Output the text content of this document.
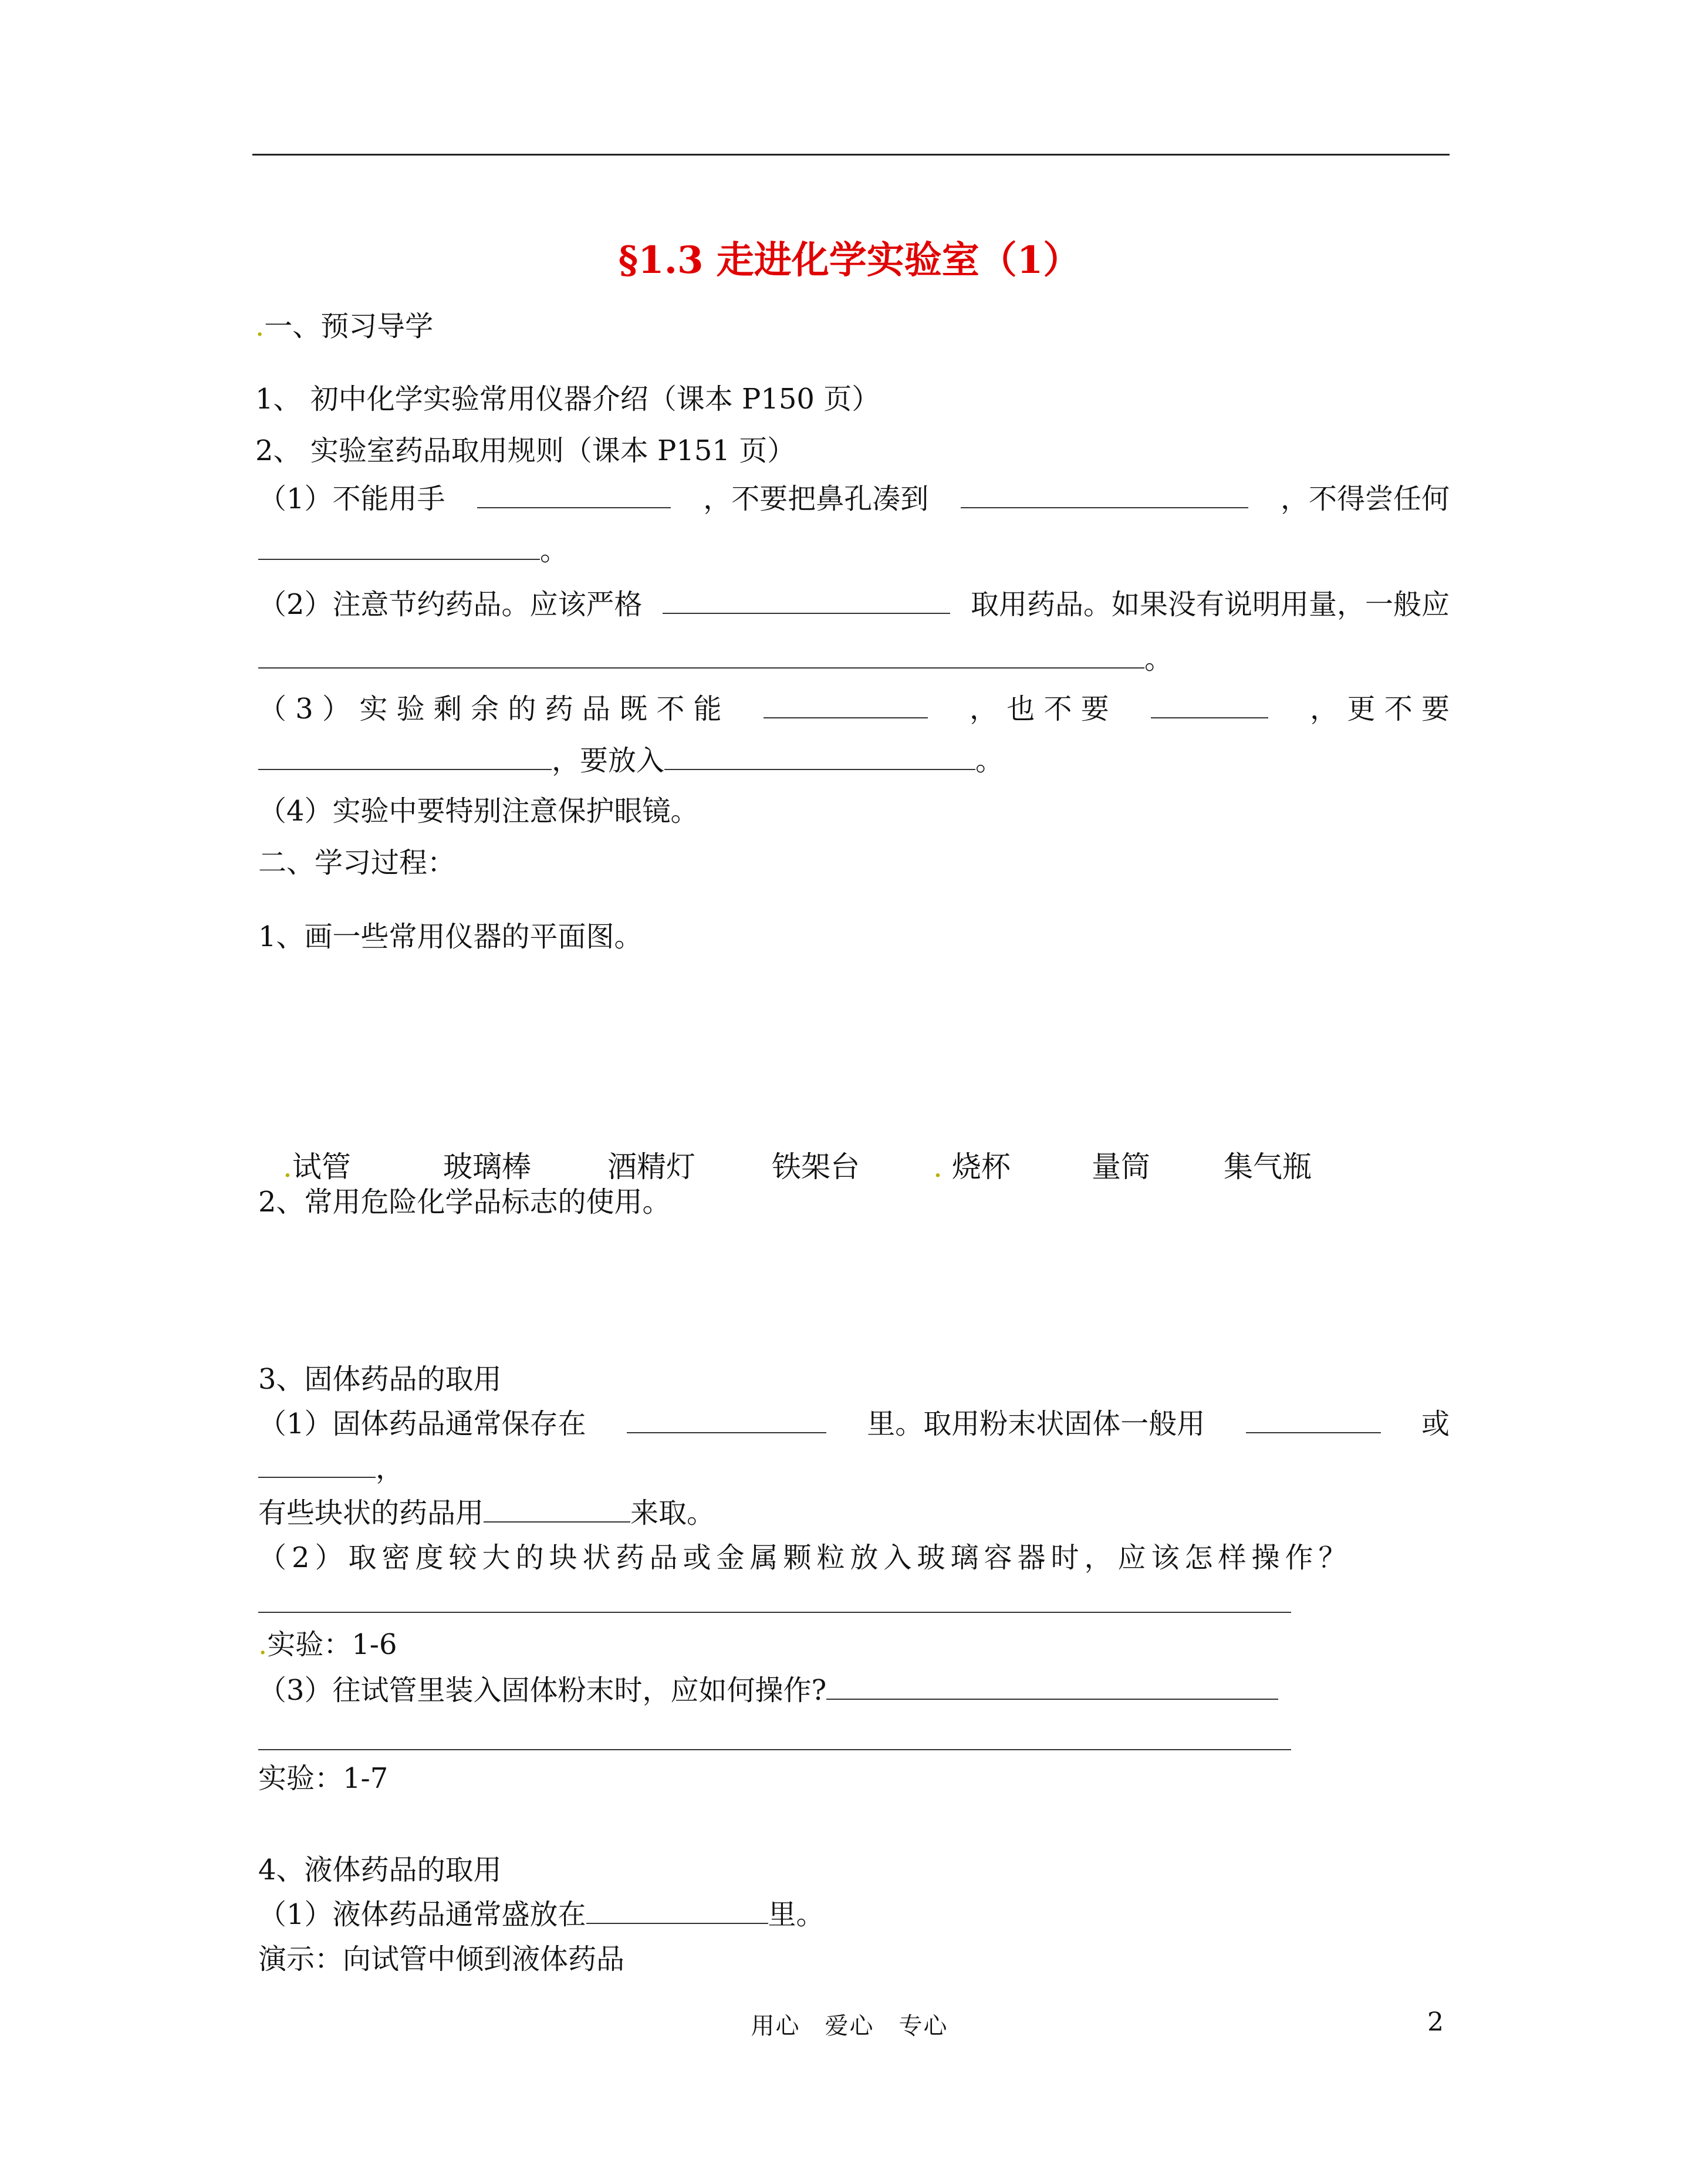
§1.3 走进化学实验室（1）
.一、预习导学
1、 初中化学实验常用仪器介绍（课本 P150 页）
2、 实验室药品取用规则（课本 P151 页）
（1）不能用手	，不要把鼻孔凑到	，不得尝任何
。
（2）注意节约药品。应该严格	取用药品。如果没有说明用量，一般应
。
（ 3 ） 实 验 剩 余 的 药 品 既 不 能	， 也 不 要	， 更 不 要
，要放入	。
（4）实验中要特别注意保护眼镜。
二、学习过程：
1、画一些常用仪器的平面图。
.试管	玻璃棒	酒精灯	铁架台	. 烧杯	量筒	集气瓶
2、常用危险化学品标志的使用。
3、固体药品的取用
（1）固体药品通常保存在	里。取用粉末状固体一般用	或
，
有些块状的药品用	来取。
（2）取密度较大的块状药品或金属颗粒放入玻璃容器时，应该怎样操作？
.实验：1-6
（3）往试管里装入固体粉末时，应如何操作?
实验：1-7
4、液体药品的取用
（1）液体药品通常盛放在	里。
演示：向试管中倾到液体药品
用心　爱心　专心	2
